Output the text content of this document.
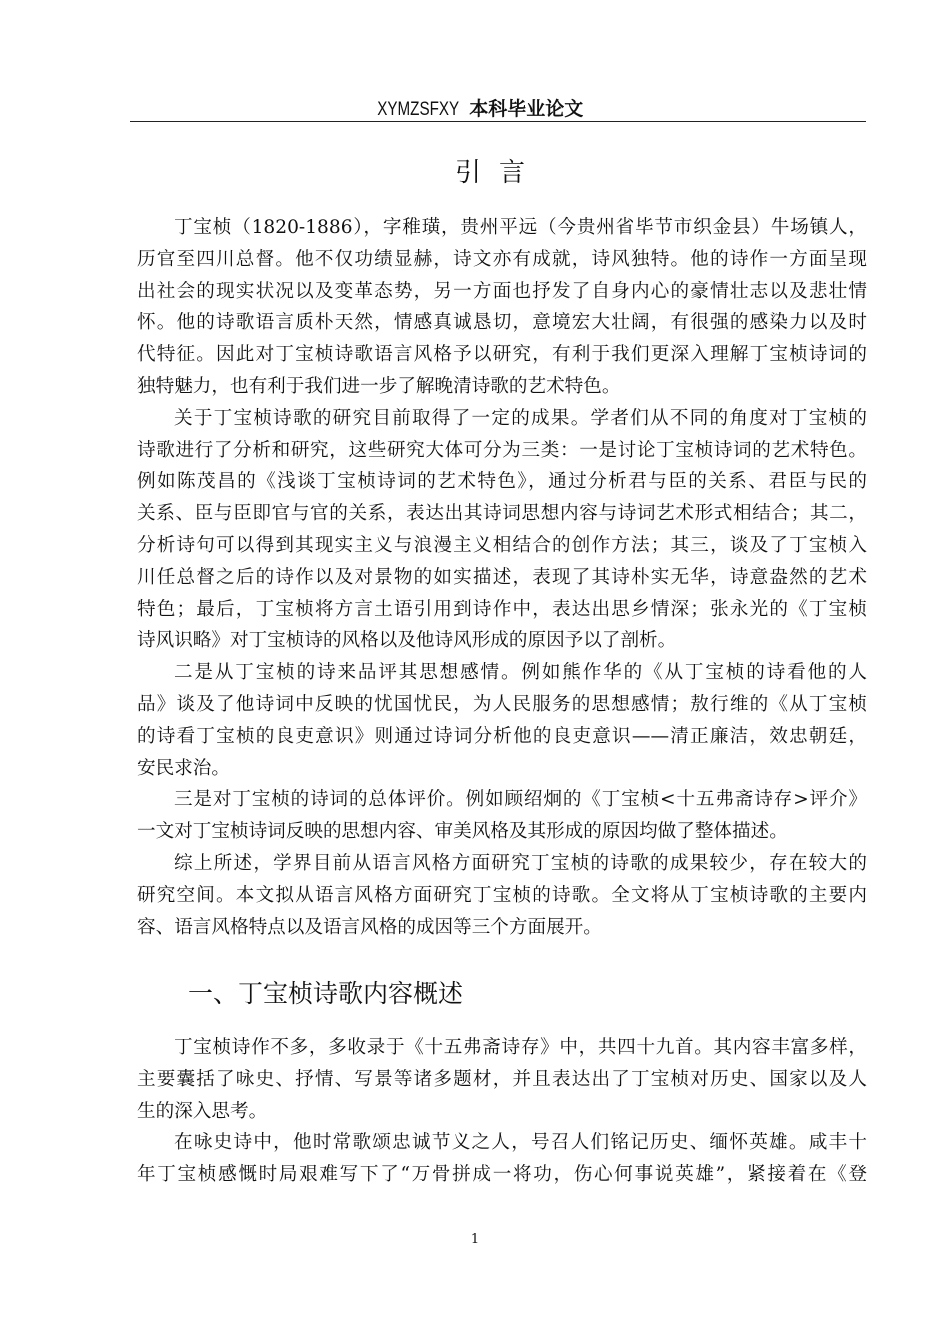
XYMZSFXY 本科毕业论文
引言
丁宝桢（1820-1886），字稚璜，贵州平远（今贵州省毕节市织金县）牛场镇人，
历官至四川总督。他不仅功绩显赫，诗文亦有成就，诗风独特。他的诗作一方面呈现
出社会的现实状况以及变革态势，另一方面也抒发了自身内心的豪情壮志以及悲壮情
怀。他的诗歌语言质朴天然，情感真诚恳切，意境宏大壮阔，有很强的感染力以及时
代特征。因此对丁宝桢诗歌语言风格予以研究，有利于我们更深入理解丁宝桢诗词的
独特魅力，也有利于我们进一步了解晚清诗歌的艺术特色。
关于丁宝桢诗歌的研究目前取得了一定的成果。学者们从不同的角度对丁宝桢的
诗歌进行了分析和研究，这些研究大体可分为三类：一是讨论丁宝桢诗词的艺术特色。
例如陈茂昌的《浅谈丁宝桢诗词的艺术特色》，通过分析君与臣的关系、君臣与民的
关系、臣与臣即官与官的关系，表达出其诗词思想内容与诗词艺术形式相结合；其二，
分析诗句可以得到其现实主义与浪漫主义相结合的创作方法；其三，谈及了丁宝桢入
川任总督之后的诗作以及对景物的如实描述，表现了其诗朴实无华，诗意盎然的艺术
特色；最后，丁宝桢将方言土语引用到诗作中，表达出思乡情深；张永光的《丁宝桢
诗风识略》对丁宝桢诗的风格以及他诗风形成的原因予以了剖析。
二是从丁宝桢的诗来品评其思想感情。例如熊作华的《从丁宝桢的诗看他的人
品》谈及了他诗词中反映的忧国忧民，为人民服务的思想感情；敖行维的《从丁宝桢
的诗看丁宝桢的良吏意识》则通过诗词分析他的良吏意识——清正廉洁，效忠朝廷，
安民求治。
三是对丁宝桢的诗词的总体评价。例如顾绍炯的《丁宝桢<十五弗斋诗存>评介》
一文对丁宝桢诗词反映的思想内容、审美风格及其形成的原因均做了整体描述。
综上所述，学界目前从语言风格方面研究丁宝桢的诗歌的成果较少，存在较大的
研究空间。本文拟从语言风格方面研究丁宝桢的诗歌。全文将从丁宝桢诗歌的主要内
容、语言风格特点以及语言风格的成因等三个方面展开。
一、丁宝桢诗歌内容概述
丁宝桢诗作不多，多收录于《十五弗斋诗存》中，共四十九首。其内容丰富多样，
主要囊括了咏史、抒情、写景等诸多题材，并且表达出了丁宝桢对历史、国家以及人
生的深入思考。
在咏史诗中，他时常歌颂忠诚节义之人，号召人们铭记历史、缅怀英雄。咸丰十
年丁宝桢感慨时局艰难写下了“万骨拼成一将功，伤心何事说英雄”，紧接着在《登
1
